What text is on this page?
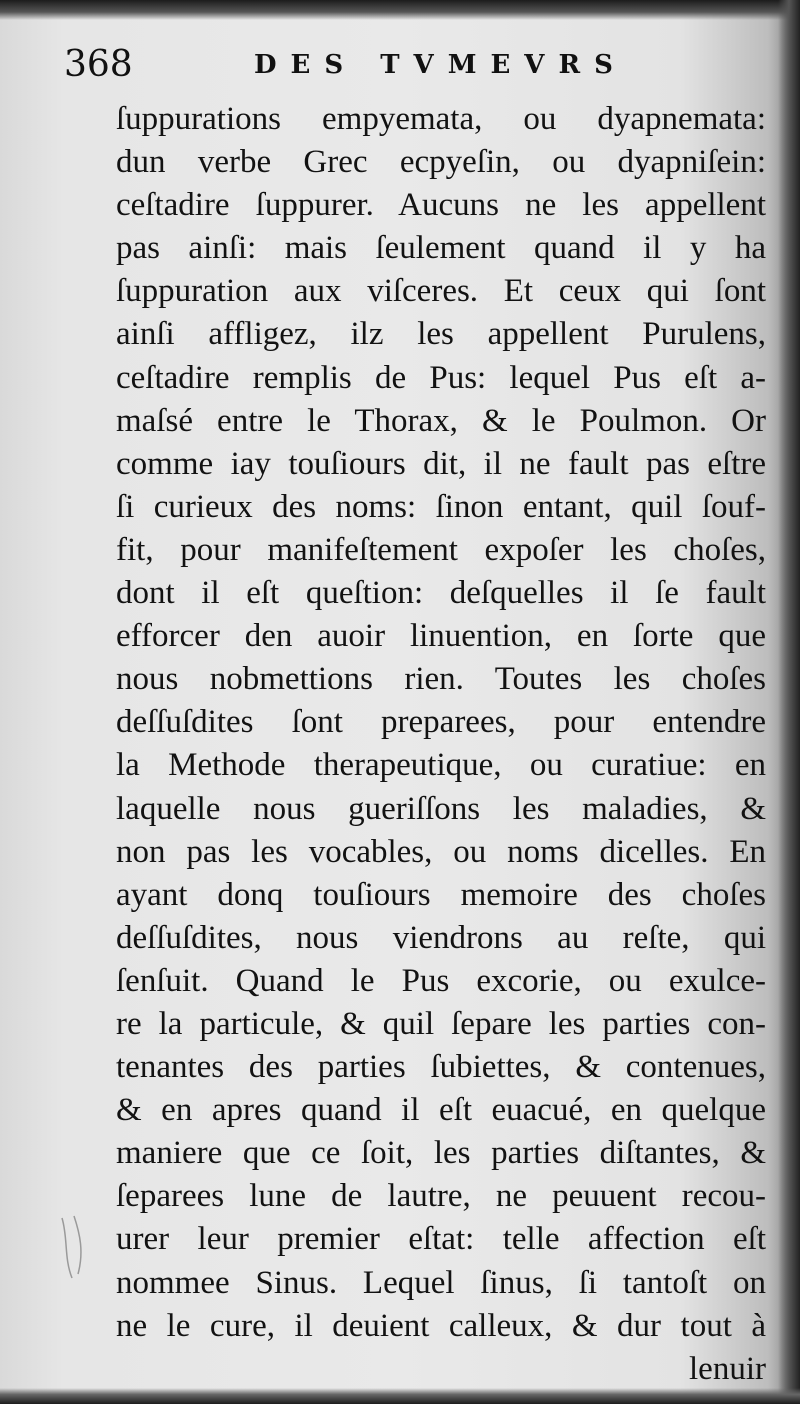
368	DES TVMEVRS
ſuppurations empyemata, ou dyapnemata:
dun verbe Grec ecpyeſin, ou dyapniſein:
ceſtadire ſuppurer. Aucuns ne les appellent
pas ainſi: mais ſeulement quand il y ha
ſuppuration aux viſceres. Et ceux qui ſont
ainſi affligez, ilz les appellent Purulens,
ceſtadire remplis de Pus: lequel Pus eſt a-
maſsé entre le Thorax, & le Poulmon. Or
comme iay touſiours dit, il ne fault pas eſtre
ſi curieux des noms: ſinon entant, quil ſouf-
fit, pour manifeſtement expoſer les choſes,
dont il eſt queſtion: deſquelles il ſe fault
efforcer den auoir linuention, en ſorte que
nous nobmettions rien. Toutes les choſes
deſſuſdites ſont preparees, pour entendre
la Methode therapeutique, ou curatiue: en
laquelle nous gueriſſons les maladies, &
non pas les vocables, ou noms dicelles. En
ayant donq touſiours memoire des choſes
deſſuſdites, nous viendrons au reſte, qui
ſenſuit. Quand le Pus excorie, ou exulce-
re la particule, & quil ſepare les parties con-
tenantes des parties ſubiettes, & contenues,
& en apres quand il eſt euacué, en quelque
maniere que ce ſoit, les parties diſtantes, &
ſeparees lune de lautre, ne peuuent recou-
urer leur premier eſtat: telle affection eſt
nommee Sinus. Lequel ſinus, ſi tantoſt on
ne le cure, il deuient calleux, & dur tout à
lenuir
